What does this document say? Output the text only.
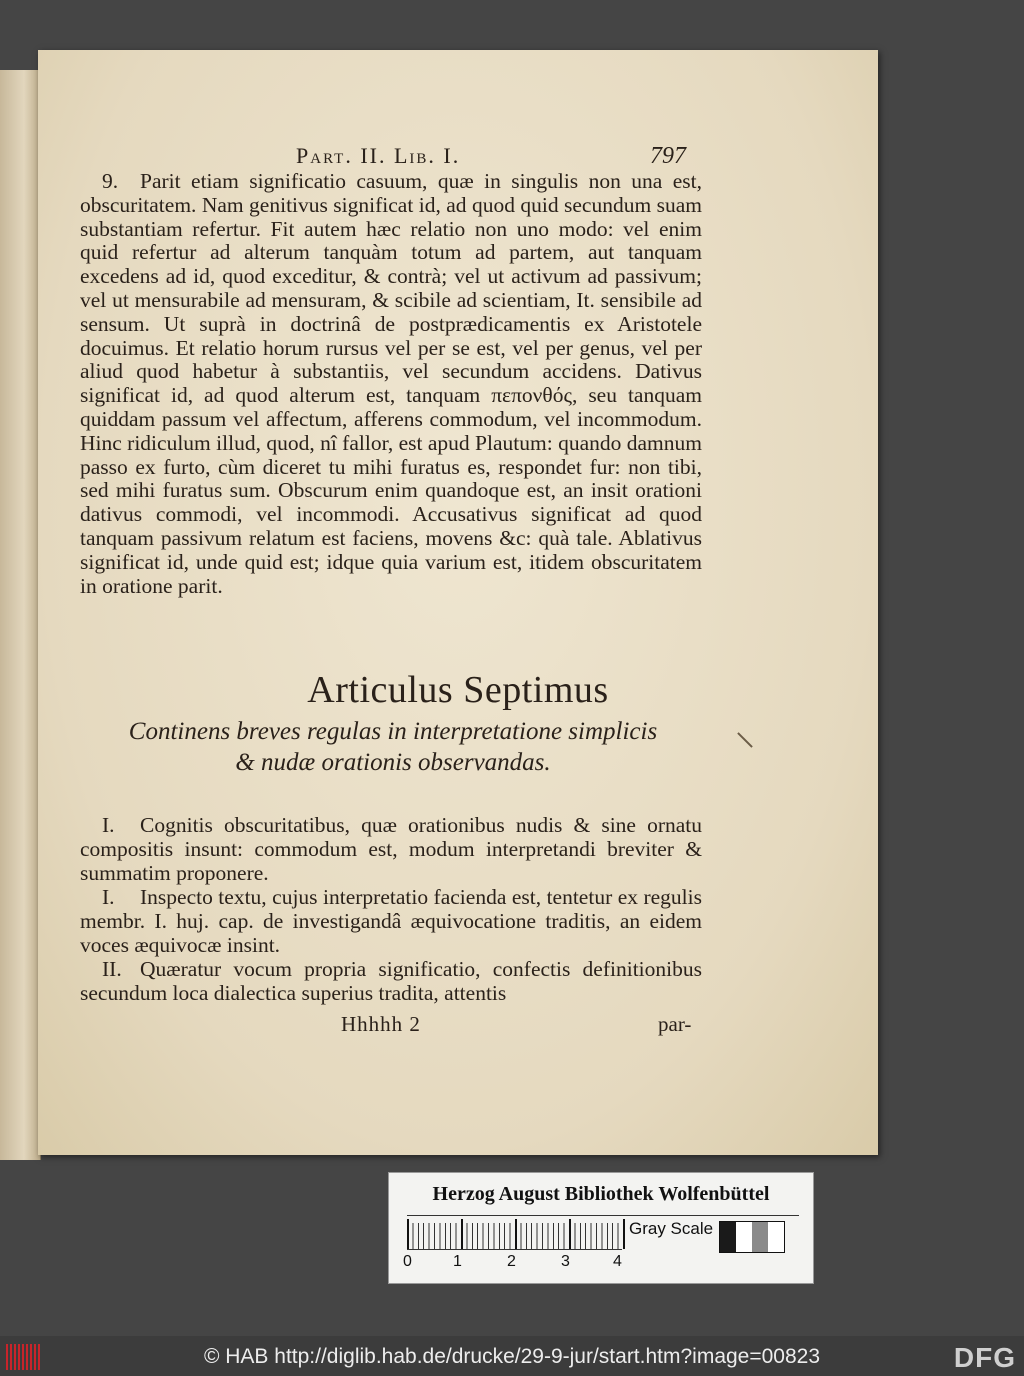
Part. II. Lib. I.	797
9. Parit etiam significatio casuum, quæ in singulis non una est, obscuritatem. Nam genitivus significat id, ad quod quid secundum suam substantiam refertur. Fit autem hæc relatio non uno modo: vel enim quid refertur ad alterum tanquàm totum ad partem, aut tanquam excedens ad id, quod exceditur, & contrà; vel ut activum ad passivum; vel ut mensurabile ad mensuram, & scibile ad scientiam, It. sensibile ad sensum. Ut suprà in doctrinâ de postprædicamentis ex Aristotele docuimus. Et relatio horum rursus vel per se est, vel per genus, vel per aliud quod habetur à substantiis, vel secundum accidens. Dativus significat id, ad quod alterum est, tanquam πεπονθός, seu tanquam quiddam passum vel affectum, afferens commodum, vel incommodum. Hinc ridiculum illud, quod, nî fallor, est apud Plautum: quando damnum passo ex furto, cùm diceret tu mihi furatus es, respondet fur: non tibi, sed mihi furatus sum. Obscurum enim quandoque est, an insit orationi dativus commodi, vel incommodi. Accusativus significat ad quod tanquam passivum relatum est faciens, movens &c: quà tale. Ablativus significat id, unde quid est; idque quia varium est, itidem obscuritatem in oratione parit.
Articulus Septimus
Continens breves regulas in interpretatione simplicis & nudæ orationis observandas.
I. Cognitis obscuritatibus, quæ orationibus nudis & sine ornatu compositis insunt: commodum est, modum interpretandi breviter & summatim proponere.
I. Inspecto textu, cujus interpretatio facienda est, tentetur ex regulis membr. I. huj. cap. de investigandâ æquivocatione traditis, an eidem voces æquivocæ insint.
II. Quæratur vocum propria significatio, confectis definitionibus secundum loca dialectica superius tradita, attentis
Hhhhh 2	par-
Herzog August Bibliothek Wolfenbüttel
0	1	2	3	4
Gray Scale
© HAB http://diglib.hab.de/drucke/29-9-jur/start.htm?image=00823	DFG
